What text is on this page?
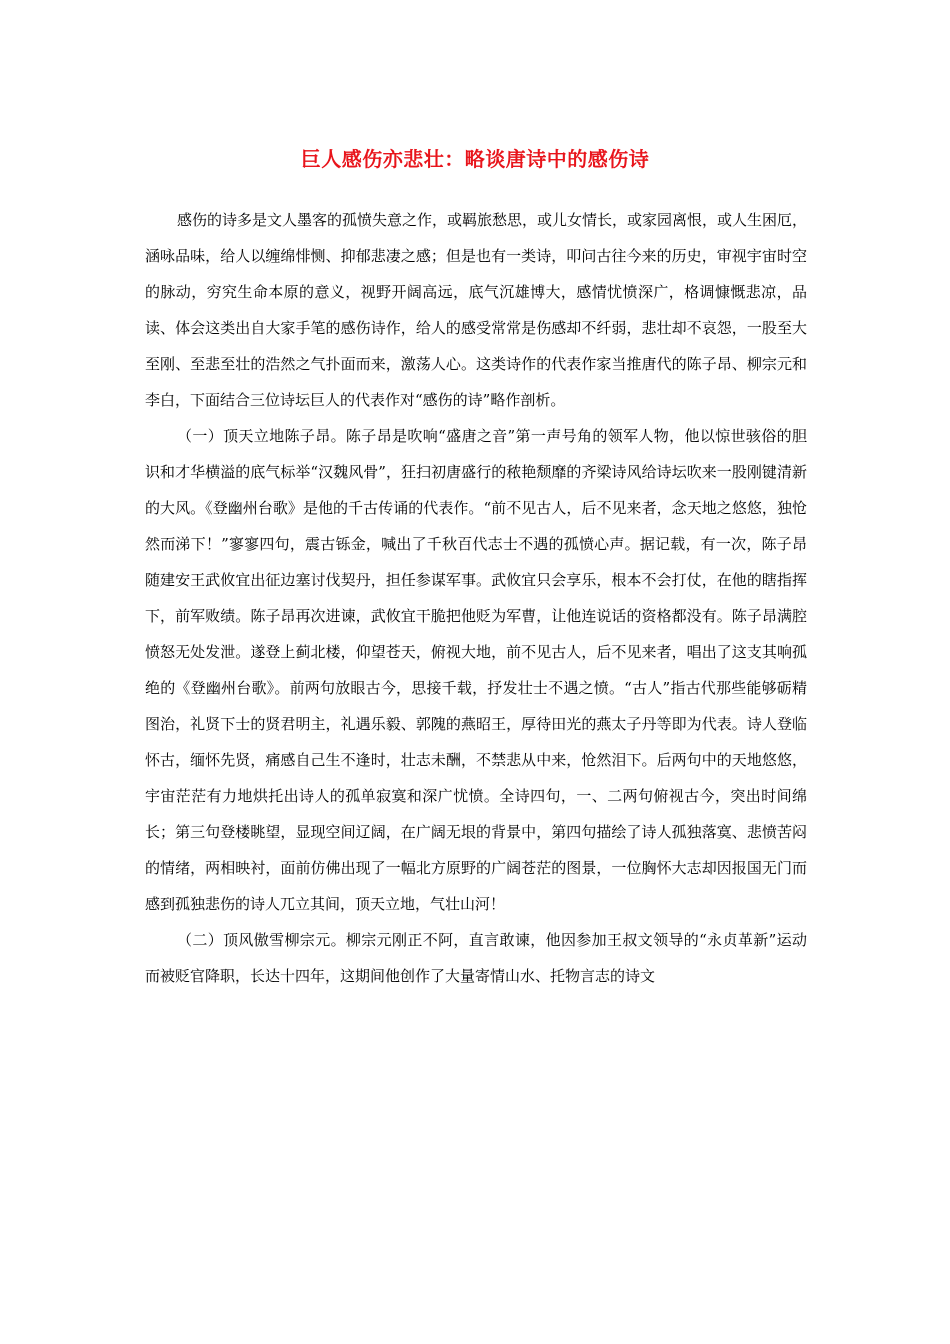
巨人感伤亦悲壮：略谈唐诗中的感伤诗

感伤的诗多是文人墨客的孤愤失意之作，或羁旅愁思，或儿女情长，或家园离恨，或人生困厄，涵咏品味，给人以缠绵悱恻、抑郁悲凄之感；但是也有一类诗，叩问古往今来的历史，审视宇宙时空的脉动，穷究生命本原的意义，视野开阔高远，底气沉雄博大，感情忧愤深广，格调慷慨悲凉，品读、体会这类出自大家手笔的感伤诗作，给人的感受常常是伤感却不纤弱，悲壮却不哀怨，一股至大至刚、至悲至壮的浩然之气扑面而来，激荡人心。这类诗作的代表作家当推唐代的陈子昂、柳宗元和李白，下面结合三位诗坛巨人的代表作对“感伤的诗”略作剖析。

（一）顶天立地陈子昂。陈子昂是吹响“盛唐之音”第一声号角的领军人物，他以惊世骇俗的胆识和才华横溢的底气标举“汉魏风骨”，狂扫初唐盛行的秾艳颓靡的齐梁诗风给诗坛吹来一股刚键清新的大风。《登幽州台歌》是他的千古传诵的代表作。“前不见古人，后不见来者，念天地之悠悠，独怆然而涕下！”寥寥四句，震古铄金，喊出了千秋百代志士不遇的孤愤心声。据记载，有一次，陈子昂随建安王武攸宜出征边塞讨伐契丹，担任参谋军事。武攸宜只会享乐，根本不会打仗，在他的瞎指挥下，前军败绩。陈子昂再次进谏，武攸宜干脆把他贬为军曹，让他连说话的资格都没有。陈子昂满腔愤怒无处发泄。遂登上蓟北楼，仰望苍天，俯视大地，前不见古人，后不见来者，唱出了这支其响孤绝的《登幽州台歌》。前两句放眼古今，思接千载，抒发壮士不遇之愤。“古人”指古代那些能够砺精图治，礼贤下士的贤君明主，礼遇乐毅、郭隗的燕昭王，厚待田光的燕太子丹等即为代表。诗人登临怀古，缅怀先贤，痛感自己生不逢时，壮志未酬，不禁悲从中来，怆然泪下。后两句中的天地悠悠，宇宙茫茫有力地烘托出诗人的孤单寂寞和深广忧愤。全诗四句，一、二两句俯视古今，突出时间绵长；第三句登楼眺望，显现空间辽阔，在广阔无垠的背景中，第四句描绘了诗人孤独落寞、悲愤苦闷的情绪，两相映衬，面前仿佛出现了一幅北方原野的广阔苍茫的图景，一位胸怀大志却因报国无门而感到孤独悲伤的诗人兀立其间，顶天立地，气壮山河！

（二）顶风傲雪柳宗元。柳宗元刚正不阿，直言敢谏，他因参加王叔文领导的“永贞革新”运动而被贬官降职，长达十四年，这期间他创作了大量寄情山水、托物言志的诗文
